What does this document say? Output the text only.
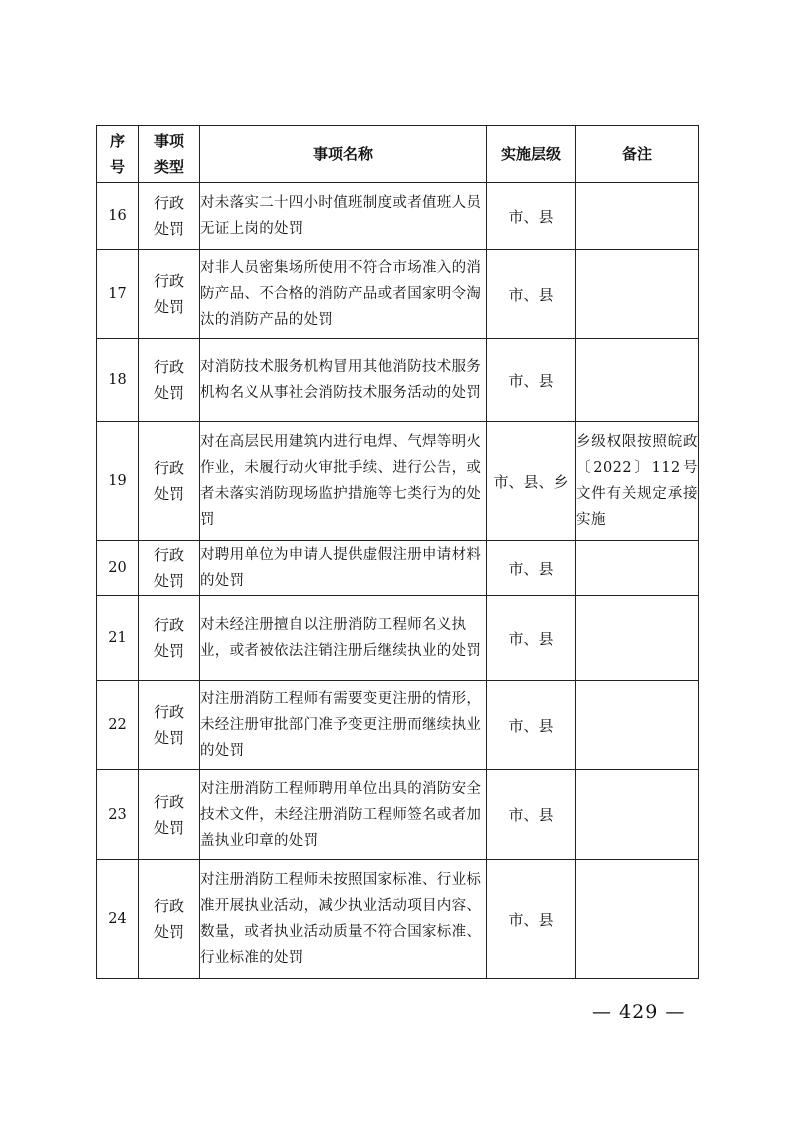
序号	事项类型	事项名称	实施层级	备注
16	行政处罚	对未落实二十四小时值班制度或者值班人员无证上岗的处罚	市、县	
17	行政处罚	对非人员密集场所使用不符合市场准入的消防产品、不合格的消防产品或者国家明令淘汰的消防产品的处罚	市、县	
18	行政处罚	对消防技术服务机构冒用其他消防技术服务机构名义从事社会消防技术服务活动的处罚	市、县	
19	行政处罚	对在高层民用建筑内进行电焊、气焊等明火作业，未履行动火审批手续、进行公告，或者未落实消防现场监护措施等七类行为的处罚	市、县、乡	乡级权限按照皖政〔2022〕112号文件有关规定承接实施
20	行政处罚	对聘用单位为申请人提供虚假注册申请材料的处罚	市、县	
21	行政处罚	对未经注册擅自以注册消防工程师名义执业，或者被依法注销注册后继续执业的处罚	市、县	
22	行政处罚	对注册消防工程师有需要变更注册的情形，未经注册审批部门准予变更注册而继续执业的处罚	市、县	
23	行政处罚	对注册消防工程师聘用单位出具的消防安全技术文件，未经注册消防工程师签名或者加盖执业印章的处罚	市、县	
24	行政处罚	对注册消防工程师未按照国家标准、行业标准开展执业活动，减少执业活动项目内容、数量，或者执业活动质量不符合国家标准、行业标准的处罚	市、县	
— 429 —
